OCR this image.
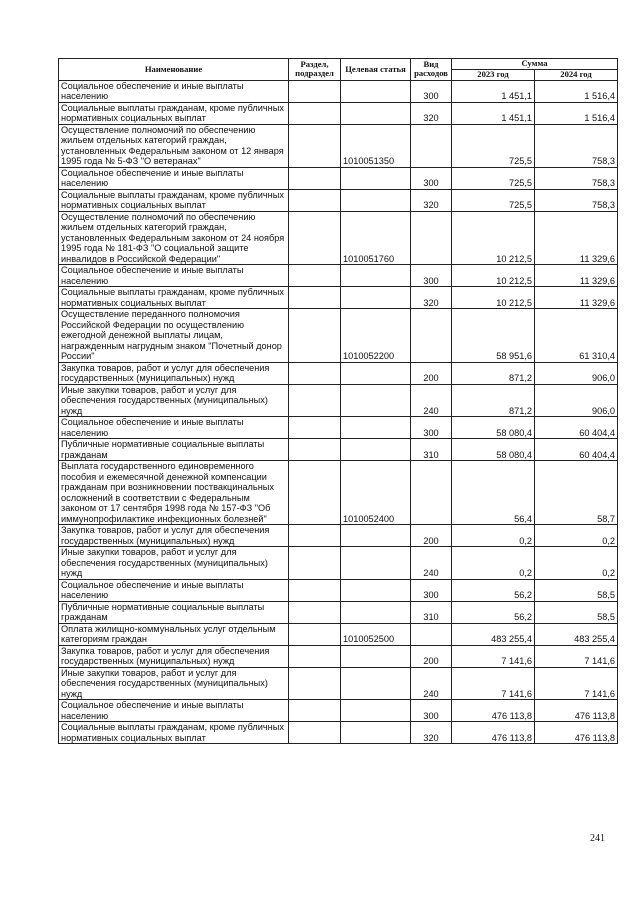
Наименование	Раздел, подраздел	Целевая статья	Вид расходов	Сумма	
				2023 год	2024 год
Социальное обеспечение и иные выплаты населению			300	1 451,1	1 516,4
Социальные выплаты гражданам, кроме публичных нормативных социальных выплат			320	1 451,1	1 516,4
Осуществление полномочий по обеспечению жильем отдельных категорий граждан, установленных Федеральным законом от 12 января 1995 года № 5-ФЗ "О ветеранах"		1010051350		725,5	758,3
Социальное обеспечение и иные выплаты населению			300	725,5	758,3
Социальные выплаты гражданам, кроме публичных нормативных социальных выплат			320	725,5	758,3
Осуществление полномочий по обеспечению жильем отдельных категорий граждан, установленных Федеральным законом от 24 ноября 1995 года № 181-ФЗ "О социальной защите инвалидов в Российской Федерации"		1010051760		10 212,5	11 329,6
Социальное обеспечение и иные выплаты населению			300	10 212,5	11 329,6
Социальные выплаты гражданам, кроме публичных нормативных социальных выплат			320	10 212,5	11 329,6
Осуществление переданного полномочия Российской Федерации по осуществлению ежегодной денежной выплаты лицам, награжденным нагрудным знаком "Почетный донор России"		1010052200		58 951,6	61 310,4
Закупка товаров, работ и услуг для обеспечения государственных (муниципальных) нужд			200	871,2	906,0
Иные закупки товаров, работ и услуг для обеспечения государственных (муниципальных) нужд			240	871,2	906,0
Социальное обеспечение и иные выплаты населению			300	58 080,4	60 404,4
Публичные нормативные социальные выплаты гражданам			310	58 080,4	60 404,4
Выплата государственного единовременного пособия и ежемесячной денежной компенсации гражданам при возникновении поствакцинальных осложнений в соответствии с Федеральным законом от 17 сентября 1998 года № 157-ФЗ "Об иммунопрофилактике инфекционных болезней"		1010052400		56,4	58,7
Закупка товаров, работ и услуг для обеспечения государственных (муниципальных) нужд			200	0,2	0,2
Иные закупки товаров, работ и услуг для обеспечения государственных (муниципальных) нужд			240	0,2	0,2
Социальное обеспечение и иные выплаты населению			300	56,2	58,5
Публичные нормативные социальные выплаты гражданам			310	56,2	58,5
Оплата жилищно-коммунальных услуг отдельным категориям граждан		1010052500		483 255,4	483 255,4
Закупка товаров, работ и услуг для обеспечения государственных (муниципальных) нужд			200	7 141,6	7 141,6
Иные закупки товаров, работ и услуг для обеспечения государственных (муниципальных) нужд			240	7 141,6	7 141,6
Социальное обеспечение и иные выплаты населению			300	476 113,8	476 113,8
Социальные выплаты гражданам, кроме публичных нормативных социальных выплат			320	476 113,8	476 113,8
241
